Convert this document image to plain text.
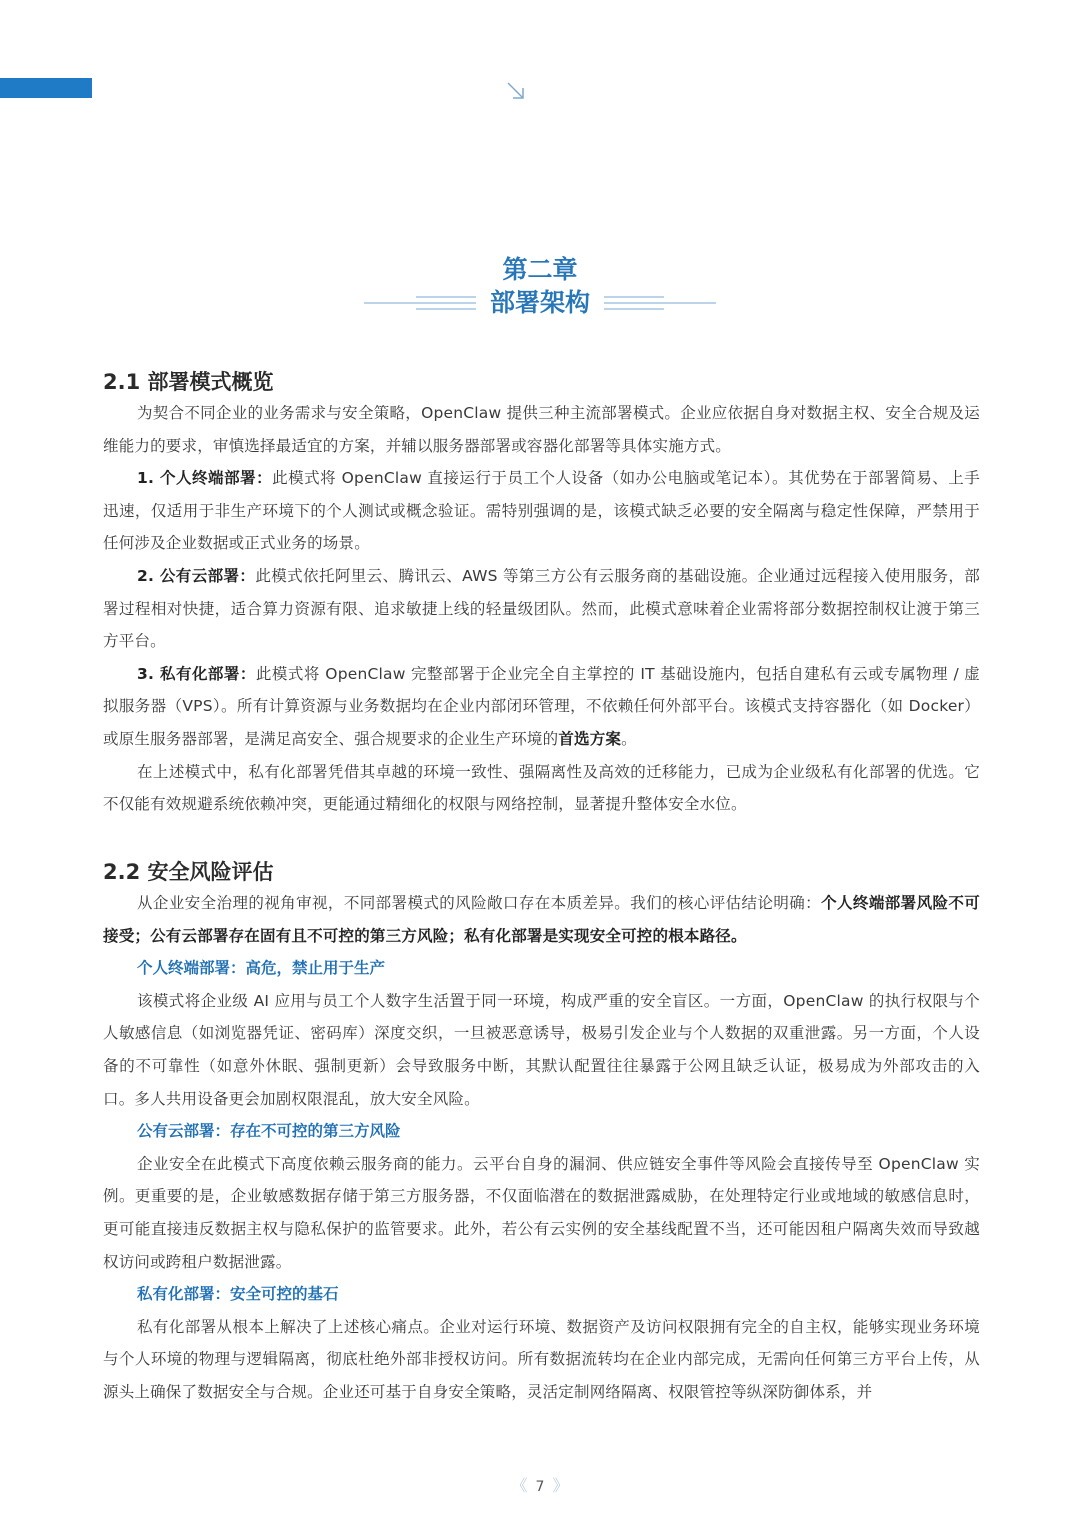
第二章
部署架构
2.1 部署模式概览

为契合不同企业的业务需求与安全策略，OpenClaw 提供三种主流部署模式。企业应依据自身对数据主权、安全合规及运维能力的要求，审慎选择最适宜的方案，并辅以服务器部署或容器化部署等具体实施方式。

1. 个人终端部署：此模式将 OpenClaw 直接运行于员工个人设备（如办公电脑或笔记本）。其优势在于部署简易、上手迅速，仅适用于非生产环境下的个人测试或概念验证。需特别强调的是，该模式缺乏必要的安全隔离与稳定性保障，严禁用于任何涉及企业数据或正式业务的场景。

2. 公有云部署：此模式依托阿里云、腾讯云、AWS 等第三方公有云服务商的基础设施。企业通过远程接入使用服务，部署过程相对快捷，适合算力资源有限、追求敏捷上线的轻量级团队。然而，此模式意味着企业需将部分数据控制权让渡于第三方平台。

3. 私有化部署：此模式将 OpenClaw 完整部署于企业完全自主掌控的 IT 基础设施内，包括自建私有云或专属物理 / 虚拟服务器（VPS）。所有计算资源与业务数据均在企业内部闭环管理，不依赖任何外部平台。该模式支持容器化（如 Docker）或原生服务器部署，是满足高安全、强合规要求的企业生产环境的首选方案。

在上述模式中，私有化部署凭借其卓越的环境一致性、强隔离性及高效的迁移能力，已成为企业级私有化部署的优选。它不仅能有效规避系统依赖冲突，更能通过精细化的权限与网络控制，显著提升整体安全水位。

2.2 安全风险评估

从企业安全治理的视角审视，不同部署模式的风险敞口存在本质差异。我们的核心评估结论明确：个人终端部署风险不可接受；公有云部署存在固有且不可控的第三方风险；私有化部署是实现安全可控的根本路径。

个人终端部署：高危，禁止用于生产

该模式将企业级 AI 应用与员工个人数字生活置于同一环境，构成严重的安全盲区。一方面，OpenClaw 的执行权限与个人敏感信息（如浏览器凭证、密码库）深度交织，一旦被恶意诱导，极易引发企业与个人数据的双重泄露。另一方面，个人设备的不可靠性（如意外休眠、强制更新）会导致服务中断，其默认配置往往暴露于公网且缺乏认证，极易成为外部攻击的入口。多人共用设备更会加剧权限混乱，放大安全风险。

公有云部署：存在不可控的第三方风险

企业安全在此模式下高度依赖云服务商的能力。云平台自身的漏洞、供应链安全事件等风险会直接传导至 OpenClaw 实例。更重要的是，企业敏感数据存储于第三方服务器，不仅面临潜在的数据泄露威胁，在处理特定行业或地域的敏感信息时，更可能直接违反数据主权与隐私保护的监管要求。此外，若公有云实例的安全基线配置不当，还可能因租户隔离失效而导致越权访问或跨租户数据泄露。

私有化部署：安全可控的基石

私有化部署从根本上解决了上述核心痛点。企业对运行环境、数据资产及访问权限拥有完全的自主权，能够实现业务环境与个人环境的物理与逻辑隔离，彻底杜绝外部非授权访问。所有数据流转均在企业内部完成，无需向任何第三方平台上传，从源头上确保了数据安全与合规。企业还可基于自身安全策略，灵活定制网络隔离、权限管控等纵深防御体系，并

《 7 》
